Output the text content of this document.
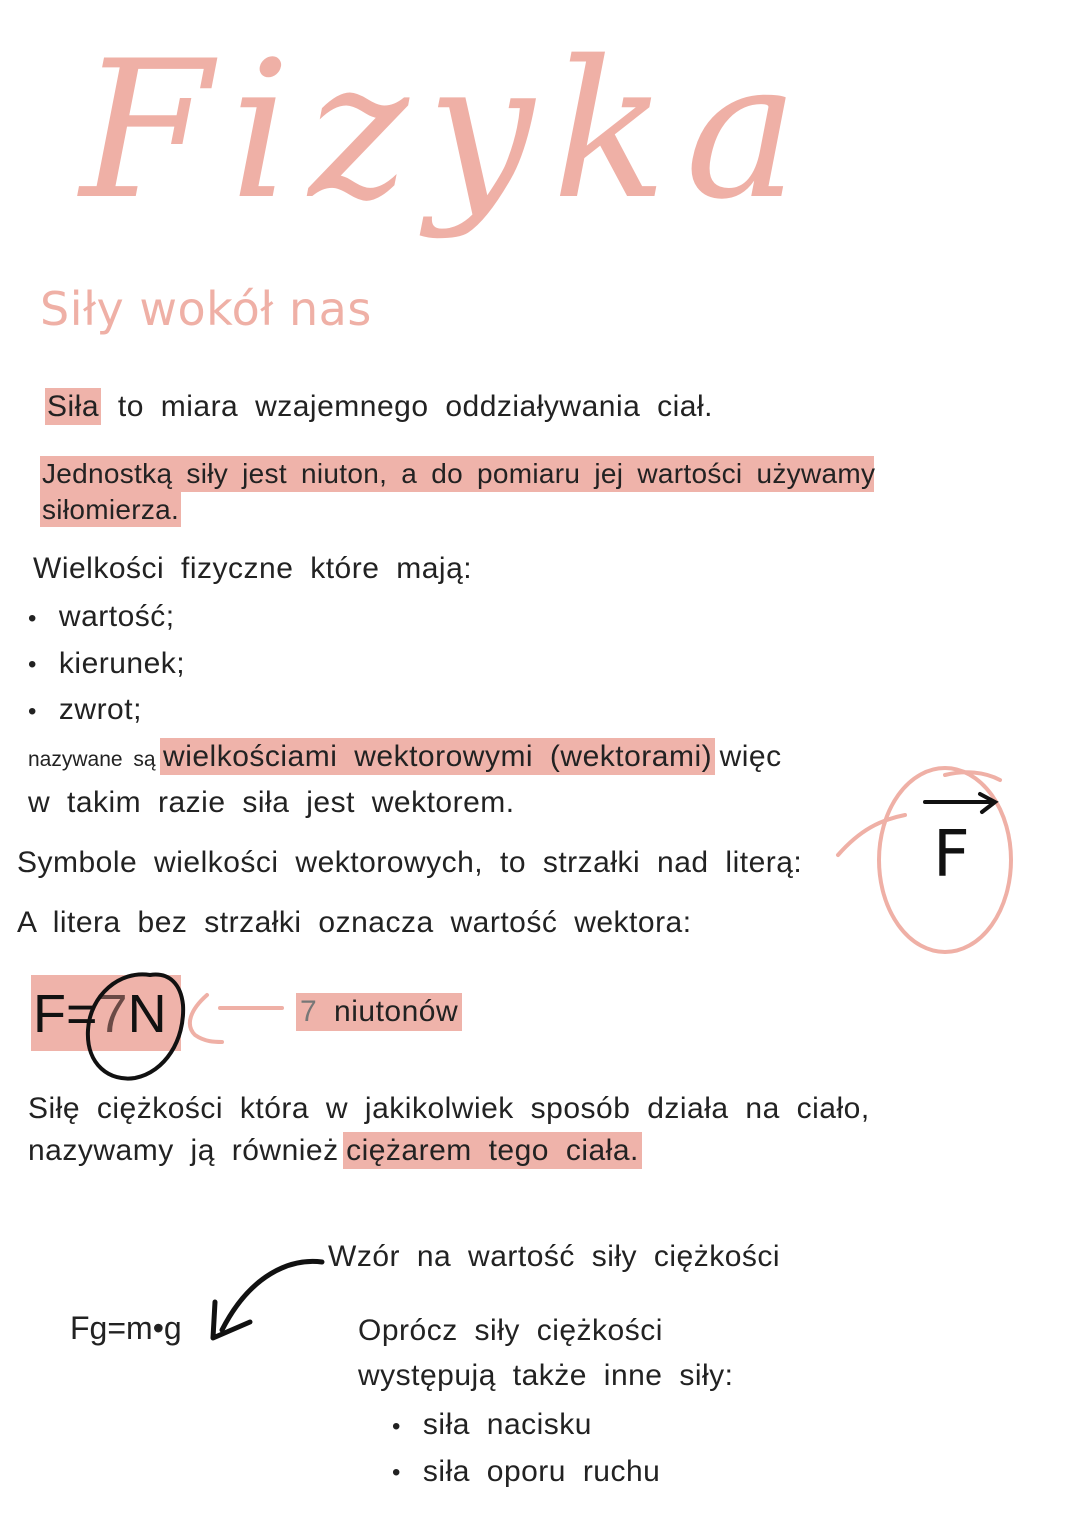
Fizyka
Siły wokół nas
Siła to miara wzajemnego oddziaływania ciał.
Jednostką siły jest niuton, a do pomiaru jej wartości używamy
siłomierza.
Wielkości fizyczne które mają:
• wartość;
• kierunek;
• zwrot;
nazywane są wielkościami wektorowymi (wektorami) więc
w takim razie siła jest wektorem.
Symbole wielkości wektorowych, to strzałki nad literą:
A litera bez strzałki oznacza wartość wektora:
F
F=7N	7 niutonów
Siłę ciężkości która w jakikolwiek sposób działa na ciało,
nazywamy ją również ciężarem tego ciała.
Wzór na wartość siły ciężkości
Fg=m•g	Oprócz siły ciężkości
występują także inne siły:
• siła nacisku
• siła oporu ruchu
